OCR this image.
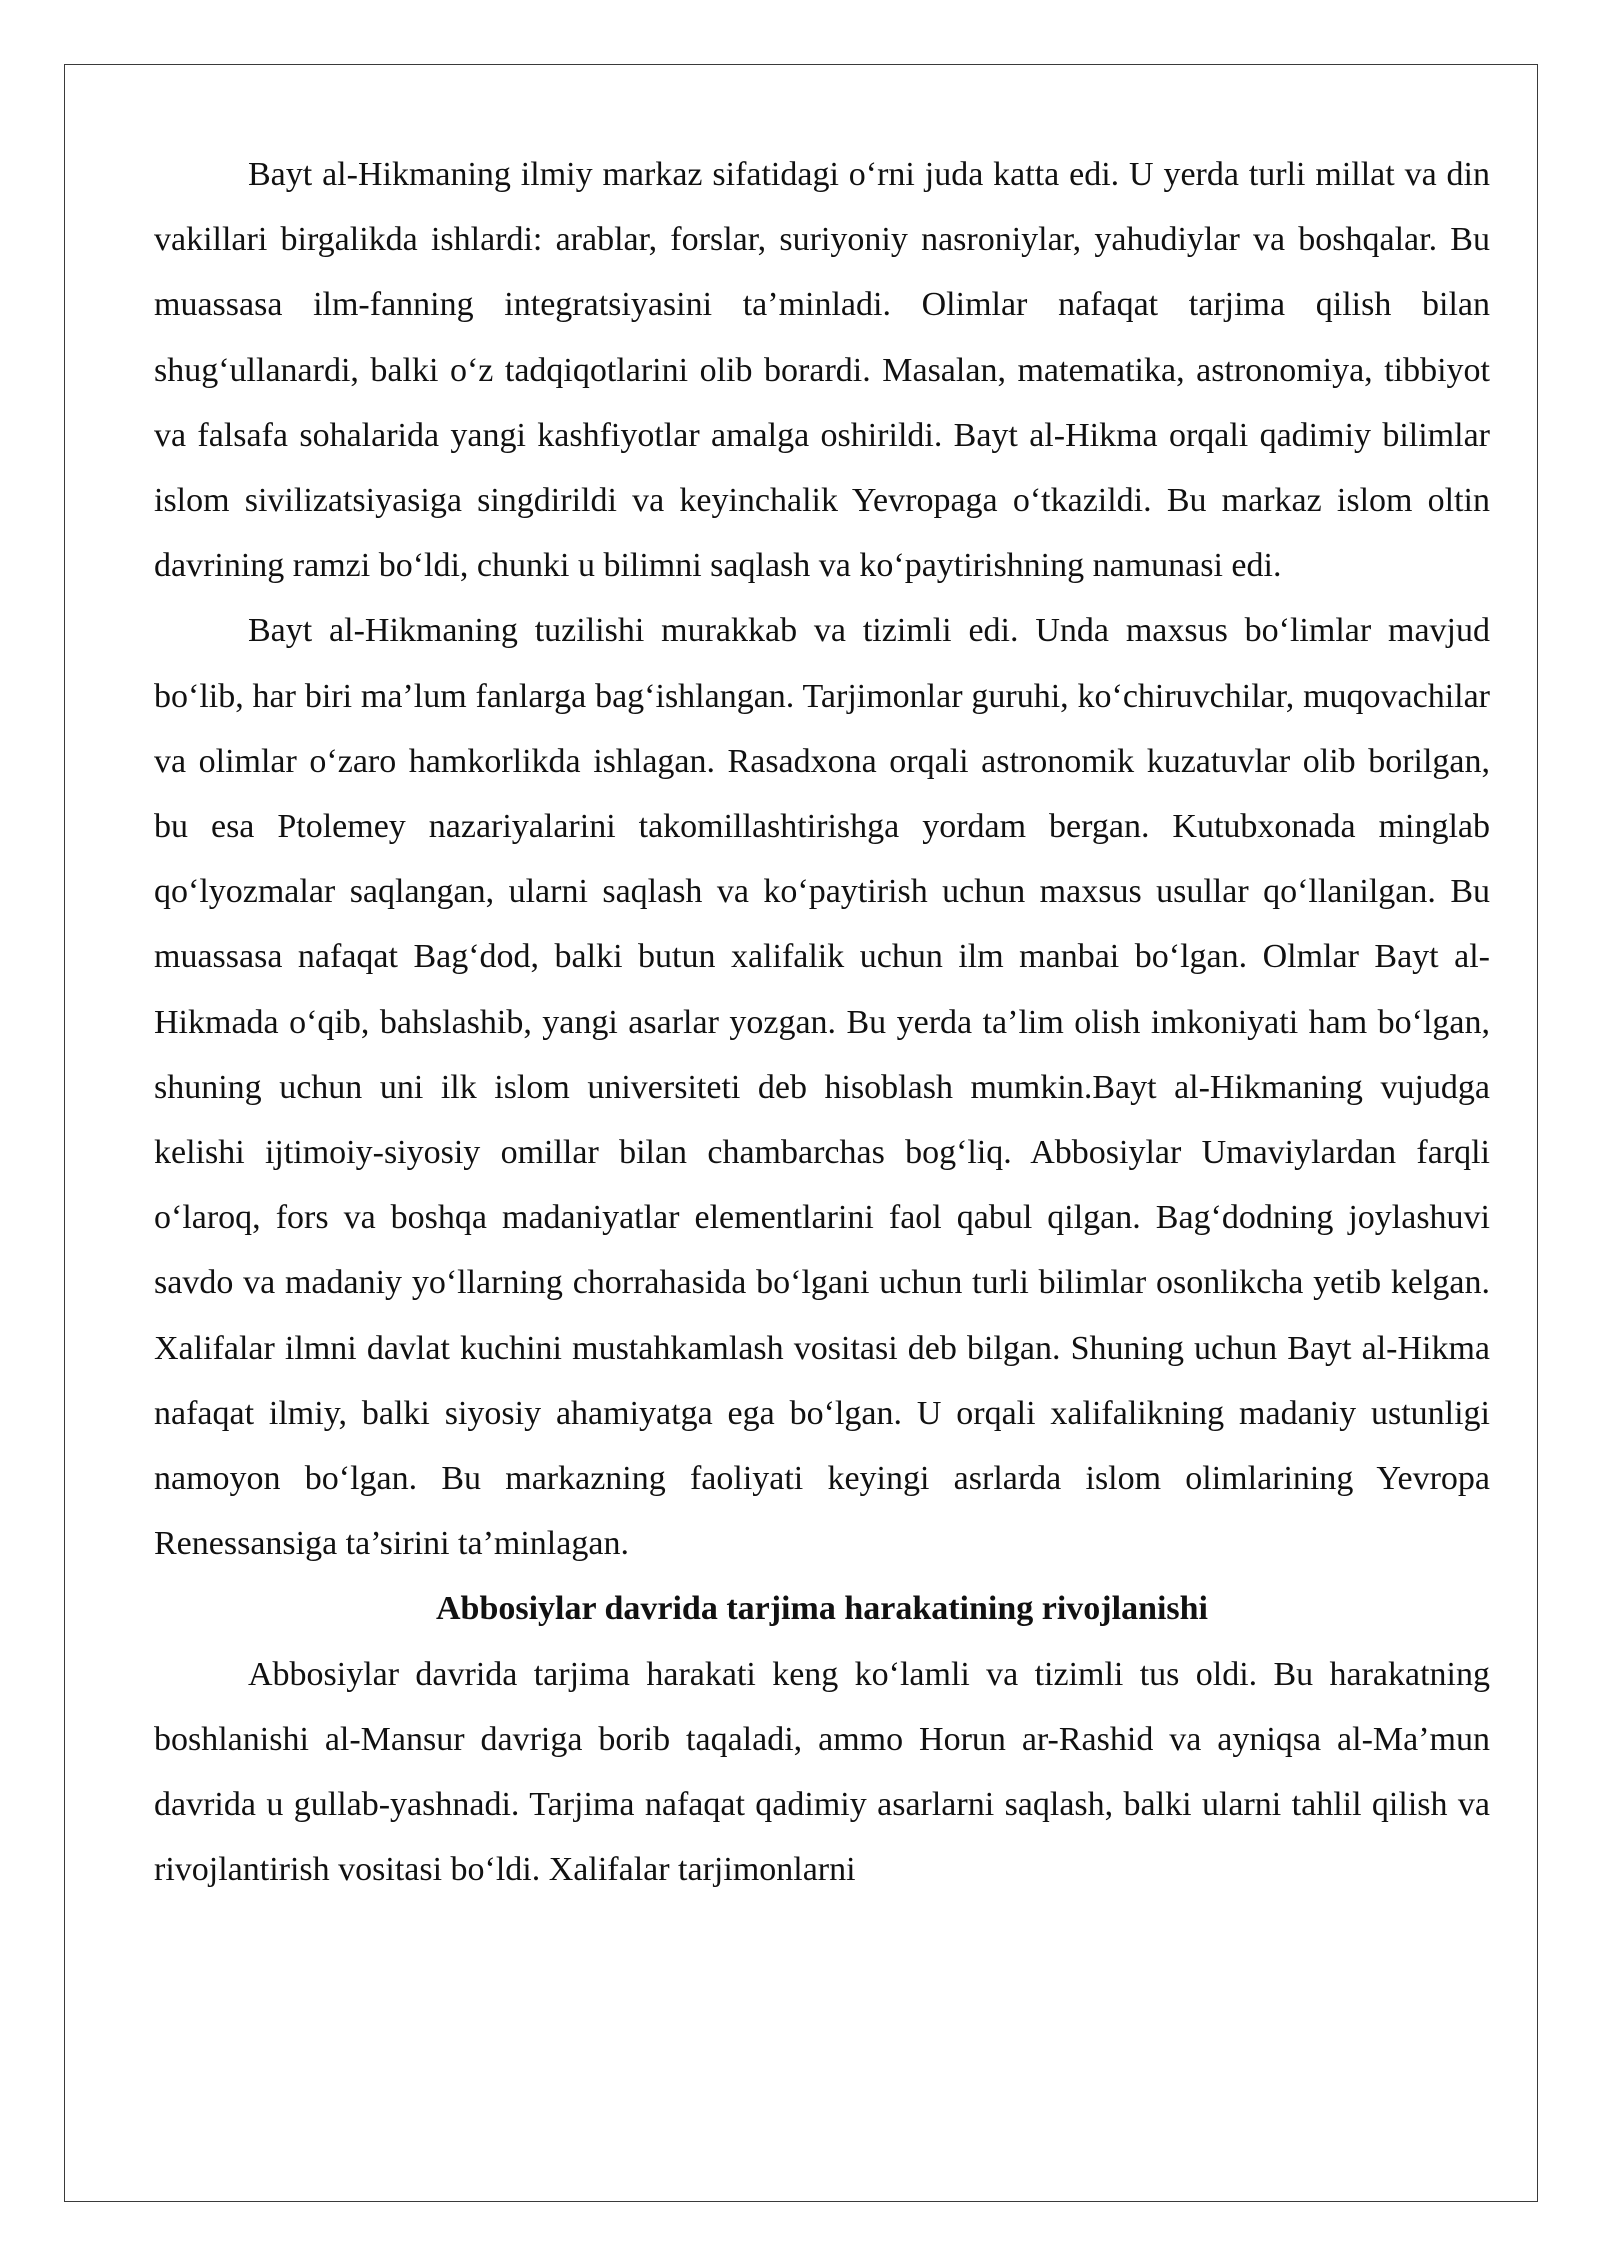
Bayt al-Hikmaning ilmiy markaz sifatidagi o‘rni juda katta edi. U yerda turli millat va din vakillari birgalikda ishlardi: arablar, forslar, suriyoniy nasroniylar, yahudiylar va boshqalar. Bu muassasa ilm-fanning integratsiyasini ta’minladi. Olimlar nafaqat tarjima qilish bilan shug‘ullanardi, balki o‘z tadqiqotlarini olib borardi. Masalan, matematika, astronomiya, tibbiyot va falsafa sohalarida yangi kashfiyotlar amalga oshirildi. Bayt al-Hikma orqali qadimiy bilimlar islom sivilizatsiyasiga singdirildi va keyinchalik Yevropaga o‘tkazildi. Bu markaz islom oltin davrining ramzi bo‘ldi, chunki u bilimni saqlash va ko‘paytirishning namunasi edi.

Bayt al-Hikmaning tuzilishi murakkab va tizimli edi. Unda maxsus bo‘limlar mavjud bo‘lib, har biri ma’lum fanlarga bag‘ishlangan. Tarjimonlar guruhi, ko‘chiruvchilar, muqovachilar va olimlar o‘zaro hamkorlikda ishlagan. Rasadxona orqali astronomik kuzatuvlar olib borilgan, bu esa Ptolemey nazariyalarini takomillashtirishga yordam bergan. Kutubxonada minglab qo‘lyozmalar saqlangan, ularni saqlash va ko‘paytirish uchun maxsus usullar qo‘llanilgan. Bu muassasa nafaqat Bag‘dod, balki butun xalifalik uchun ilm manbai bo‘lgan. Olmlar Bayt al-Hikmada o‘qib, bahslashib, yangi asarlar yozgan. Bu yerda ta’lim olish imkoniyati ham bo‘lgan, shuning uchun uni ilk islom universiteti deb hisoblash mumkin.Bayt al-Hikmaning vujudga kelishi ijtimoiy-siyosiy omillar bilan chambarchas bog‘liq. Abbosiylar Umaviylardan farqli o‘laroq, fors va boshqa madaniyatlar elementlarini faol qabul qilgan. Bag‘dodning joylashuvi savdo va madaniy yo‘llarning chorrahasida bo‘lgani uchun turli bilimlar osonlikcha yetib kelgan. Xalifalar ilmni davlat kuchini mustahkamlash vositasi deb bilgan. Shuning uchun Bayt al-Hikma nafaqat ilmiy, balki siyosiy ahamiyatga ega bo‘lgan. U orqali xalifalikning madaniy ustunligi namoyon bo‘lgan. Bu markazning faoliyati keyingi asrlarda islom olimlarining Yevropa Renessansiga ta’sirini ta’minlagan.

Abbosiylar davrida tarjima harakatining rivojlanishi

Abbosiylar davrida tarjima harakati keng ko‘lamli va tizimli tus oldi. Bu harakatning boshlanishi al-Mansur davriga borib taqaladi, ammo Horun ar-Rashid va ayniqsa al-Ma’mun davrida u gullab-yashnadi. Tarjima nafaqat qadimiy asarlarni saqlash, balki ularni tahlil qilish va rivojlantirish vositasi bo‘ldi. Xalifalar tarjimonlarni
